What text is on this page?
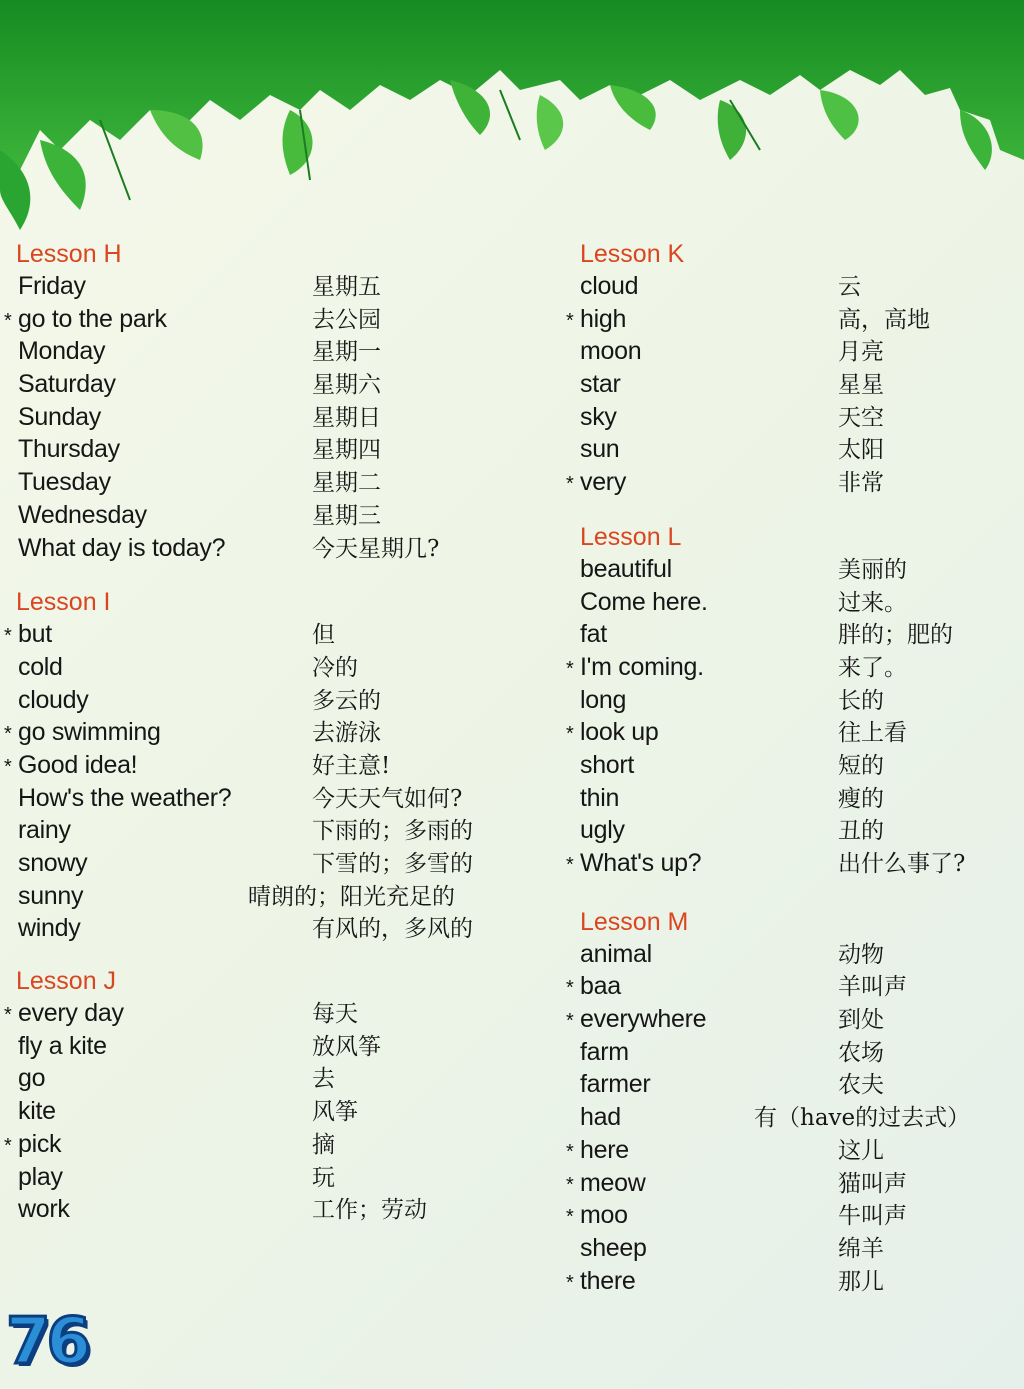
Lesson H
Friday	星期五
* go to the park	去公园
Monday	星期一
Saturday	星期六
Sunday	星期日
Thursday	星期四
Tuesday	星期二
Wednesday	星期三
What day is today?	今天星期几?
Lesson I
* but	但
cold	冷的
cloudy	多云的
* go swimming	去游泳
* Good idea!	好主意!
How's the weather?	今天天气如何?
rainy	下雨的；多雨的
snowy	下雪的；多雪的
sunny	晴朗的；阳光充足的
windy	有风的，多风的
Lesson J
* every day	每天
fly a kite	放风筝
go	去
kite	风筝
* pick	摘
play	玩
work	工作；劳动
Lesson K
cloud	云
* high	高，高地
moon	月亮
star	星星
sky	天空
sun	太阳
* very	非常
Lesson L
beautiful	美丽的
Come here.	过来。
fat	胖的；肥的
* I'm coming.	来了。
long	长的
* look up	往上看
short	短的
thin	瘦的
ugly	丑的
* What's up?	出什么事了?
Lesson M
animal	动物
* baa	羊叫声
* everywhere	到处
farm	农场
farmer	农夫
had	有（have的过去式）
* here	这儿
* meow	猫叫声
* moo	牛叫声
sheep	绵羊
* there	那儿
76
